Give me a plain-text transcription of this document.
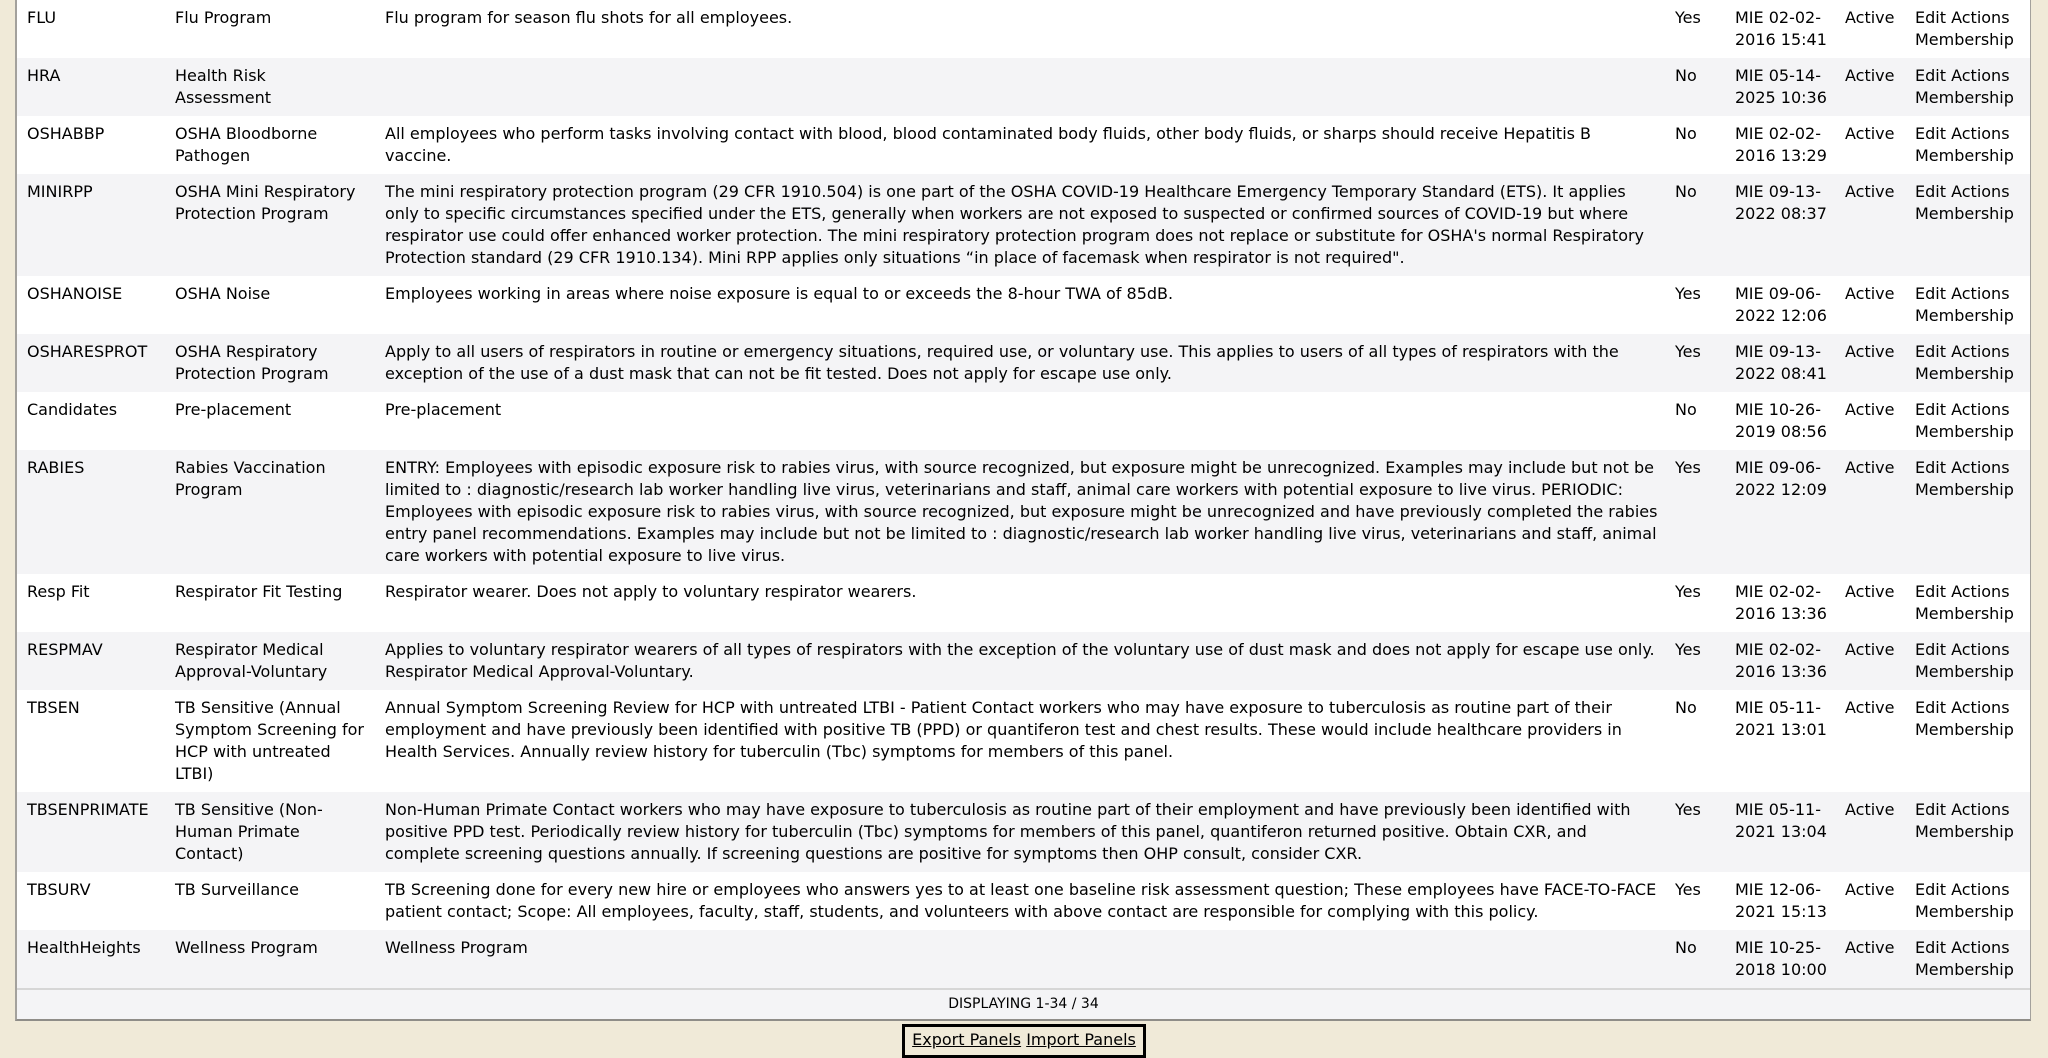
FLU	Flu Program	Flu program for season flu shots for all employees.	Yes	MIE 02-02-2016 15:41	Active	Edit Actions Membership
HRA	Health Risk Assessment		No	MIE 05-14-2025 10:36	Active	Edit Actions Membership
OSHABBP	OSHA Bloodborne Pathogen	All employees who perform tasks involving contact with blood, blood contaminated body fluids, other body fluids, or sharps should receive Hepatitis B vaccine.	No	MIE 02-02-2016 13:29	Active	Edit Actions Membership
MINIRPP	OSHA Mini Respiratory Protection Program	The mini respiratory protection program (29 CFR 1910.504) is one part of the OSHA COVID-19 Healthcare Emergency Temporary Standard (ETS). It applies only to specific circumstances specified under the ETS, generally when workers are not exposed to suspected or confirmed sources of COVID-19 but where respirator use could offer enhanced worker protection. The mini respiratory protection program does not replace or substitute for OSHA's normal Respiratory Protection standard (29 CFR 1910.134). Mini RPP applies only situations “in place of facemask when respirator is not required".	No	MIE 09-13-2022 08:37	Active	Edit Actions Membership
OSHANOISE	OSHA Noise	Employees working in areas where noise exposure is equal to or exceeds the 8-hour TWA of 85dB.	Yes	MIE 09-06-2022 12:06	Active	Edit Actions Membership
OSHARESPROT	OSHA Respiratory Protection Program	Apply to all users of respirators in routine or emergency situations, required use, or voluntary use. This applies to users of all types of respirators with the exception of the use of a dust mask that can not be fit tested. Does not apply for escape use only.	Yes	MIE 09-13-2022 08:41	Active	Edit Actions Membership
Candidates	Pre-placement	Pre-placement	No	MIE 10-26-2019 08:56	Active	Edit Actions Membership
RABIES	Rabies Vaccination Program	ENTRY: Employees with episodic exposure risk to rabies virus, with source recognized, but exposure might be unrecognized. Examples may include but not be limited to : diagnostic/research lab worker handling live virus, veterinarians and staff, animal care workers with potential exposure to live virus. PERIODIC: Employees with episodic exposure risk to rabies virus, with source recognized, but exposure might be unrecognized and have previously completed the rabies entry panel recommendations. Examples may include but not be limited to : diagnostic/research lab worker handling live virus, veterinarians and staff, animal care workers with potential exposure to live virus.	Yes	MIE 09-06-2022 12:09	Active	Edit Actions Membership
Resp Fit	Respirator Fit Testing	Respirator wearer. Does not apply to voluntary respirator wearers.	Yes	MIE 02-02-2016 13:36	Active	Edit Actions Membership
RESPMAV	Respirator Medical Approval-Voluntary	Applies to voluntary respirator wearers of all types of respirators with the exception of the voluntary use of dust mask and does not apply for escape use only. Respirator Medical Approval-Voluntary.	Yes	MIE 02-02-2016 13:36	Active	Edit Actions Membership
TBSEN	TB Sensitive (Annual Symptom Screening for HCP with untreated LTBI)	Annual Symptom Screening Review for HCP with untreated LTBI - Patient Contact workers who may have exposure to tuberculosis as routine part of their employment and have previously been identified with positive TB (PPD) or quantiferon test and chest results. These would include healthcare providers in Health Services. Annually review history for tuberculin (Tbc) symptoms for members of this panel.	No	MIE 05-11-2021 13:01	Active	Edit Actions Membership
TBSENPRIMATE	TB Sensitive (Non-Human Primate Contact)	Non-Human Primate Contact workers who may have exposure to tuberculosis as routine part of their employment and have previously been identified with positive PPD test. Periodically review history for tuberculin (Tbc) symptoms for members of this panel, quantiferon returned positive. Obtain CXR, and complete screening questions annually. If screening questions are positive for symptoms then OHP consult, consider CXR.	Yes	MIE 05-11-2021 13:04	Active	Edit Actions Membership
TBSURV	TB Surveillance	TB Screening done for every new hire or employees who answers yes to at least one baseline risk assessment question; These employees have FACE-TO-FACE patient contact; Scope: All employees, faculty, staff, students, and volunteers with above contact are responsible for complying with this policy.	Yes	MIE 12-06-2021 15:13	Active	Edit Actions Membership
HealthHeights	Wellness Program	Wellness Program	No	MIE 10-25-2018 10:00	Active	Edit Actions Membership
DISPLAYING 1-34 / 34
Export Panels Import Panels
